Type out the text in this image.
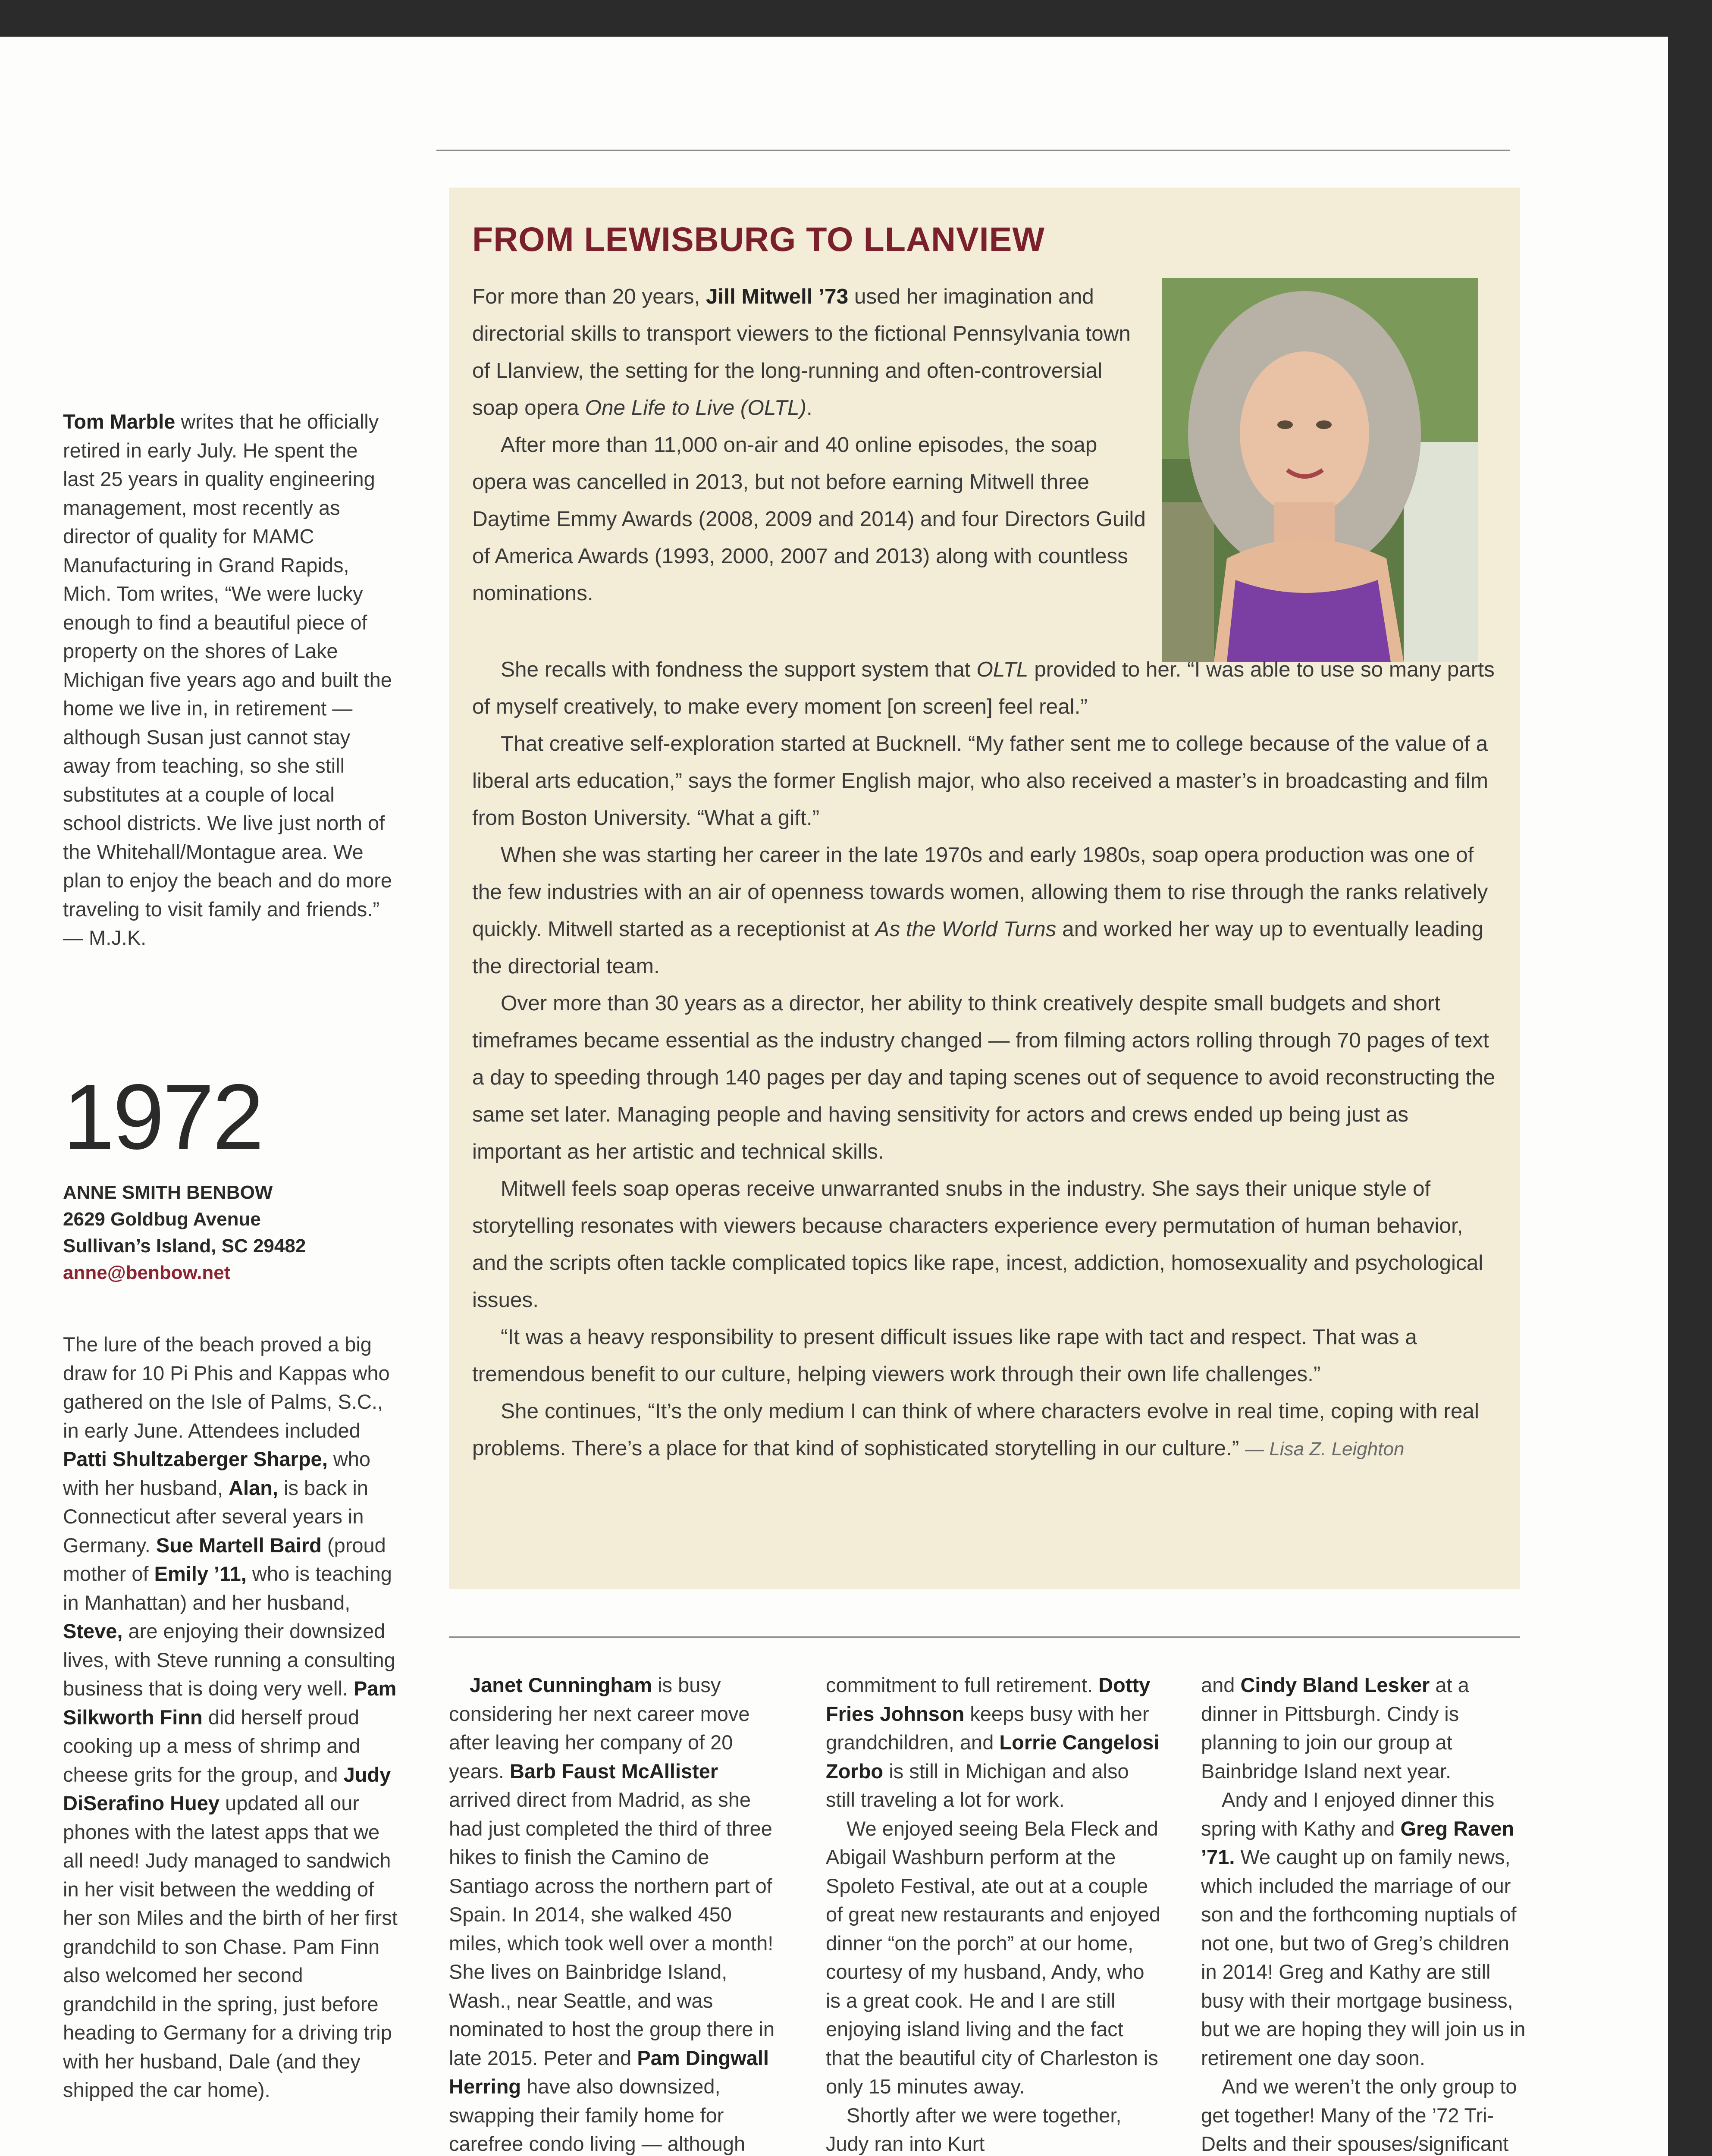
Tom Marble writes that he officially retired in early July. He spent the last 25 years in quality engineering management, most recently as director of quality for MAMC Manufacturing in Grand Rapids, Mich. Tom writes, “We were lucky enough to find a beautiful piece of property on the shores of Lake Michigan five years ago and built the home we live in, in retirement — although Susan just cannot stay away from teaching, so she still substitutes at a couple of local school districts. We live just north of the Whitehall/Montague area. We plan to enjoy the beach and do more traveling to visit family and friends.”
— M.J.K.

1972
ANNE SMITH BENBOW
2629 Goldbug Avenue
Sullivan’s Island, SC 29482
anne@benbow.net

The lure of the beach proved a big draw for 10 Pi Phis and Kappas who gathered on the Isle of Palms, S.C., in early June. Attendees included Patti Shultzaberger Sharpe, who with her husband, Alan, is back in Connecticut after several years in Germany. Sue Martell Baird (proud mother of Emily ’11, who is teaching in Manhattan) and her husband, Steve, are enjoying their downsized lives, with Steve running a consulting business that is doing very well. Pam Silkworth Finn did herself proud cooking up a mess of shrimp and cheese grits for the group, and Judy DiSerafino Huey updated all our phones with the latest apps that we all need! Judy managed to sandwich in her visit between the wedding of her son Miles and the birth of her first grandchild to son Chase. Pam Finn also welcomed her second grandchild in the spring, just before heading to Germany for a driving trip with her husband, Dale (and they shipped the car home).

FROM LEWISBURG TO LLANVIEW

For more than 20 years, Jill Mitwell ’73 used her imagination and directorial skills to transport viewers to the fictional Pennsylvania town of Llanview, the setting for the long-running and often-controversial soap opera One Life to Live (OLTL).

After more than 11,000 on-air and 40 online episodes, the soap opera was cancelled in 2013, but not before earning Mitwell three Daytime Emmy Awards (2008, 2009 and 2014) and four Directors Guild of America Awards (1993, 2000, 2007 and 2013) along with countless nominations.

She recalls with fondness the support system that OLTL provided to her. “I was able to use so many parts of myself creatively, to make every moment [on screen] feel real.”

That creative self-exploration started at Bucknell. “My father sent me to college because of the value of a liberal arts education,” says the former English major, who also received a master’s in broadcasting and film from Boston University. “What a gift.”

When she was starting her career in the late 1970s and early 1980s, soap opera production was one of the few industries with an air of openness towards women, allowing them to rise through the ranks relatively quickly. Mitwell started as a receptionist at As the World Turns and worked her way up to eventually leading the directorial team.

Over more than 30 years as a director, her ability to think creatively despite small budgets and short timeframes became essential as the industry changed — from filming actors rolling through 70 pages of text a day to speeding through 140 pages per day and taping scenes out of sequence to avoid reconstructing the same set later. Managing people and having sensitivity for actors and crews ended up being just as important as her artistic and technical skills.

Mitwell feels soap operas receive unwarranted snubs in the industry. She says their unique style of storytelling resonates with viewers because characters experience every permutation of human behavior, and the scripts often tackle complicated topics like rape, incest, addiction, homosexuality and psychological issues.

“It was a heavy responsibility to present difficult issues like rape with tact and respect. That was a tremendous benefit to our culture, helping viewers work through their own life challenges.”

She continues, “It’s the only medium I can think of where characters evolve in real time, coping with real problems. There’s a place for that kind of sophisticated storytelling in our culture.” — Lisa Z. Leighton

Janet Cunningham is busy considering her next career move after leaving her company of 20 years. Barb Faust McAllister arrived direct from Madrid, as she had just completed the third of three hikes to finish the Camino de Santiago across the northern part of Spain. In 2014, she walked 450 miles, which took well over a month! She lives on Bainbridge Island, Wash., near Seattle, and was nominated to host the group there in late 2015. Peter and Pam Dingwall Herring have also downsized, swapping their family home for carefree condo living — although

commitment to full retirement. Dotty Fries Johnson keeps busy with her grandchildren, and Lorrie Cangelosi Zorbo is still in Michigan and also still traveling a lot for work.

We enjoyed seeing Bela Fleck and Abigail Washburn perform at the Spoleto Festival, ate out at a couple of great new restaurants and enjoyed dinner “on the porch” at our home, courtesy of my husband, Andy, who is a great cook. He and I are still enjoying island living and the fact that the beautiful city of Charleston is only 15 minutes away.

Shortly after we were together, Judy ran into Kurt

and Cindy Bland Lesker at a dinner in Pittsburgh. Cindy is planning to join our group at Bainbridge Island next year.

Andy and I enjoyed dinner this spring with Kathy and Greg Raven ’71. We caught up on family news, which included the marriage of our son and the forthcoming nuptials of not one, but two of Greg’s children in 2014! Greg and Kathy are still busy with their mortgage business, but we are hoping they will join us in retirement one day soon.

And we weren’t the only group to get together! Many of the ’72 Tri-Delts and their spouses/significant
